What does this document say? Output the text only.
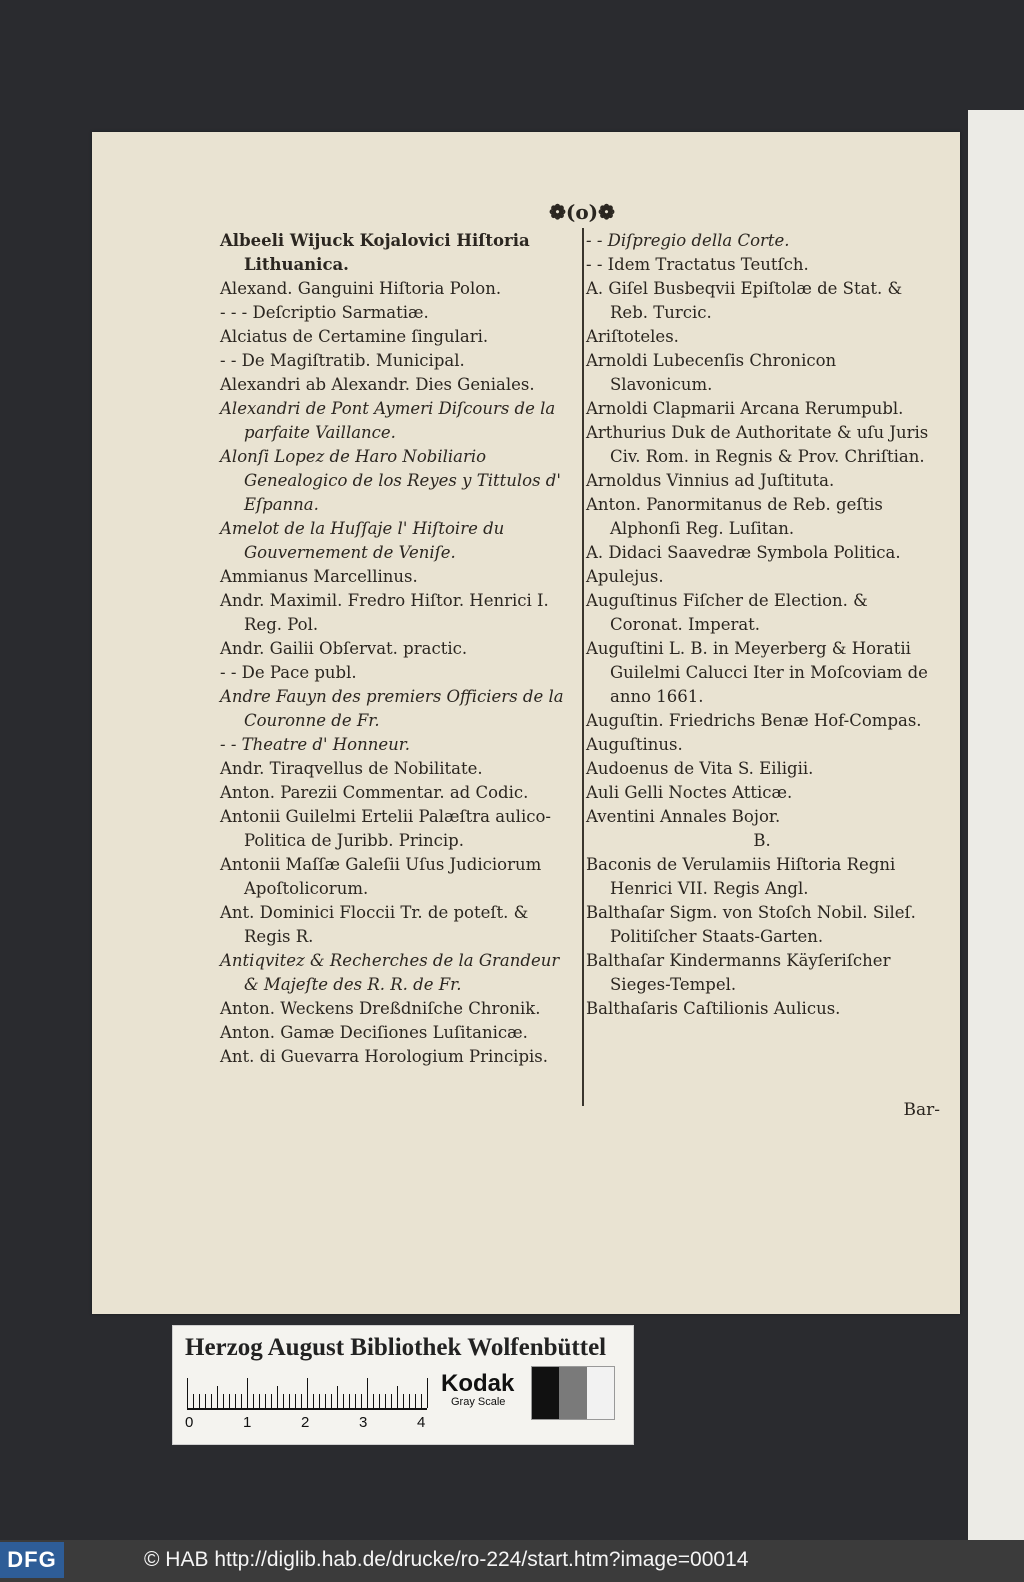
❁(o)❁

Albeeli Wijuck Kojalovici Hiſtoria Lithuanica.

Alexand. Ganguini Hiſtoria Polon.

- - - Deſcriptio Sarmatiæ.

Alciatus de Certamine ſingulari.

- - De Magiſtratib. Municipal.

Alexandri ab Alexandr. Dies Geniales.

Alexandri de Pont Aymeri Diſcours de la parfaite Vaillance.

Alonſi Lopez de Haro Nobiliario Genealogico de los Reyes y Tittulos d' Eſpanna.

Amelot de la Huſſaje l' Hiſtoire du Gouvernement de Veniſe.

Ammianus Marcellinus.

Andr. Maximil. Fredro Hiſtor. Henrici I. Reg. Pol.

Andr. Gailii Obſervat. practic.

- - De Pace publ.

Andre Fauyn des premiers Officiers de la Couronne de Fr.

- - Theatre d' Honneur.

Andr. Tiraqvellus de Nobilitate.

Anton. Parezii Commentar. ad Codic.

Antonii Guilelmi Ertelii Palæſtra aulico-Politica de Juribb. Princip.

Antonii Maſſæ Galeſii Uſus Judiciorum Apoſtolicorum.

Ant. Dominici Floccii Tr. de poteſt. & Regis R.

Antiqvitez & Recherches de la Grandeur & Majeſte des R. R. de Fr.

Anton. Weckens Dreßdniſche Chronik.

Anton. Gamæ Deciſiones Luſitanicæ.

Ant. di Guevarra Horologium Principis.

- - Diſpregio della Corte.

- - Idem Tractatus Teutſch.

A. Giſel Busbeqvii Epiſtolæ de Stat. & Reb. Turcic.

Ariſtoteles.

Arnoldi Lubecenſis Chronicon Slavonicum.

Arnoldi Clapmarii Arcana Rerumpubl.

Arthurius Duk de Authoritate & uſu Juris Civ. Rom. in Regnis & Prov. Chriſtian.

Arnoldus Vinnius ad Juſtituta.

Anton. Panormitanus de Reb. geſtis Alphonſi Reg. Luſitan.

A. Didaci Saavedræ Symbola Politica.

Apulejus.

Auguſtinus Fiſcher de Election. & Coronat. Imperat.

Auguſtini L. B. in Meyerberg & Horatii Guilelmi Calucci Iter in Moſcoviam de anno 1661.

Auguſtin. Friedrichs Benæ Hof-Compas.

Auguſtinus.

Audoenus de Vita S. Eiligii.

Auli Gelli Noctes Atticæ.

Aventini Annales Bojor.

B.

Baconis de Verulamiis Hiſtoria Regni Henrici VII. Regis Angl.

Balthaſar Sigm. von Stoſch Nobil. Sileſ. Politiſcher Staats-Garten.

Balthaſar Kindermanns Käyſeriſcher Sieges-Tempel.

Balthaſaris Caſtilionis Aulicus.

Bar-
Herzog August Bibliothek Wolfenbüttel
0	1	2	3	4
Kodak
Gray Scale
DFG	© HAB http://diglib.hab.de/drucke/ro-224/start.htm?image=00014
